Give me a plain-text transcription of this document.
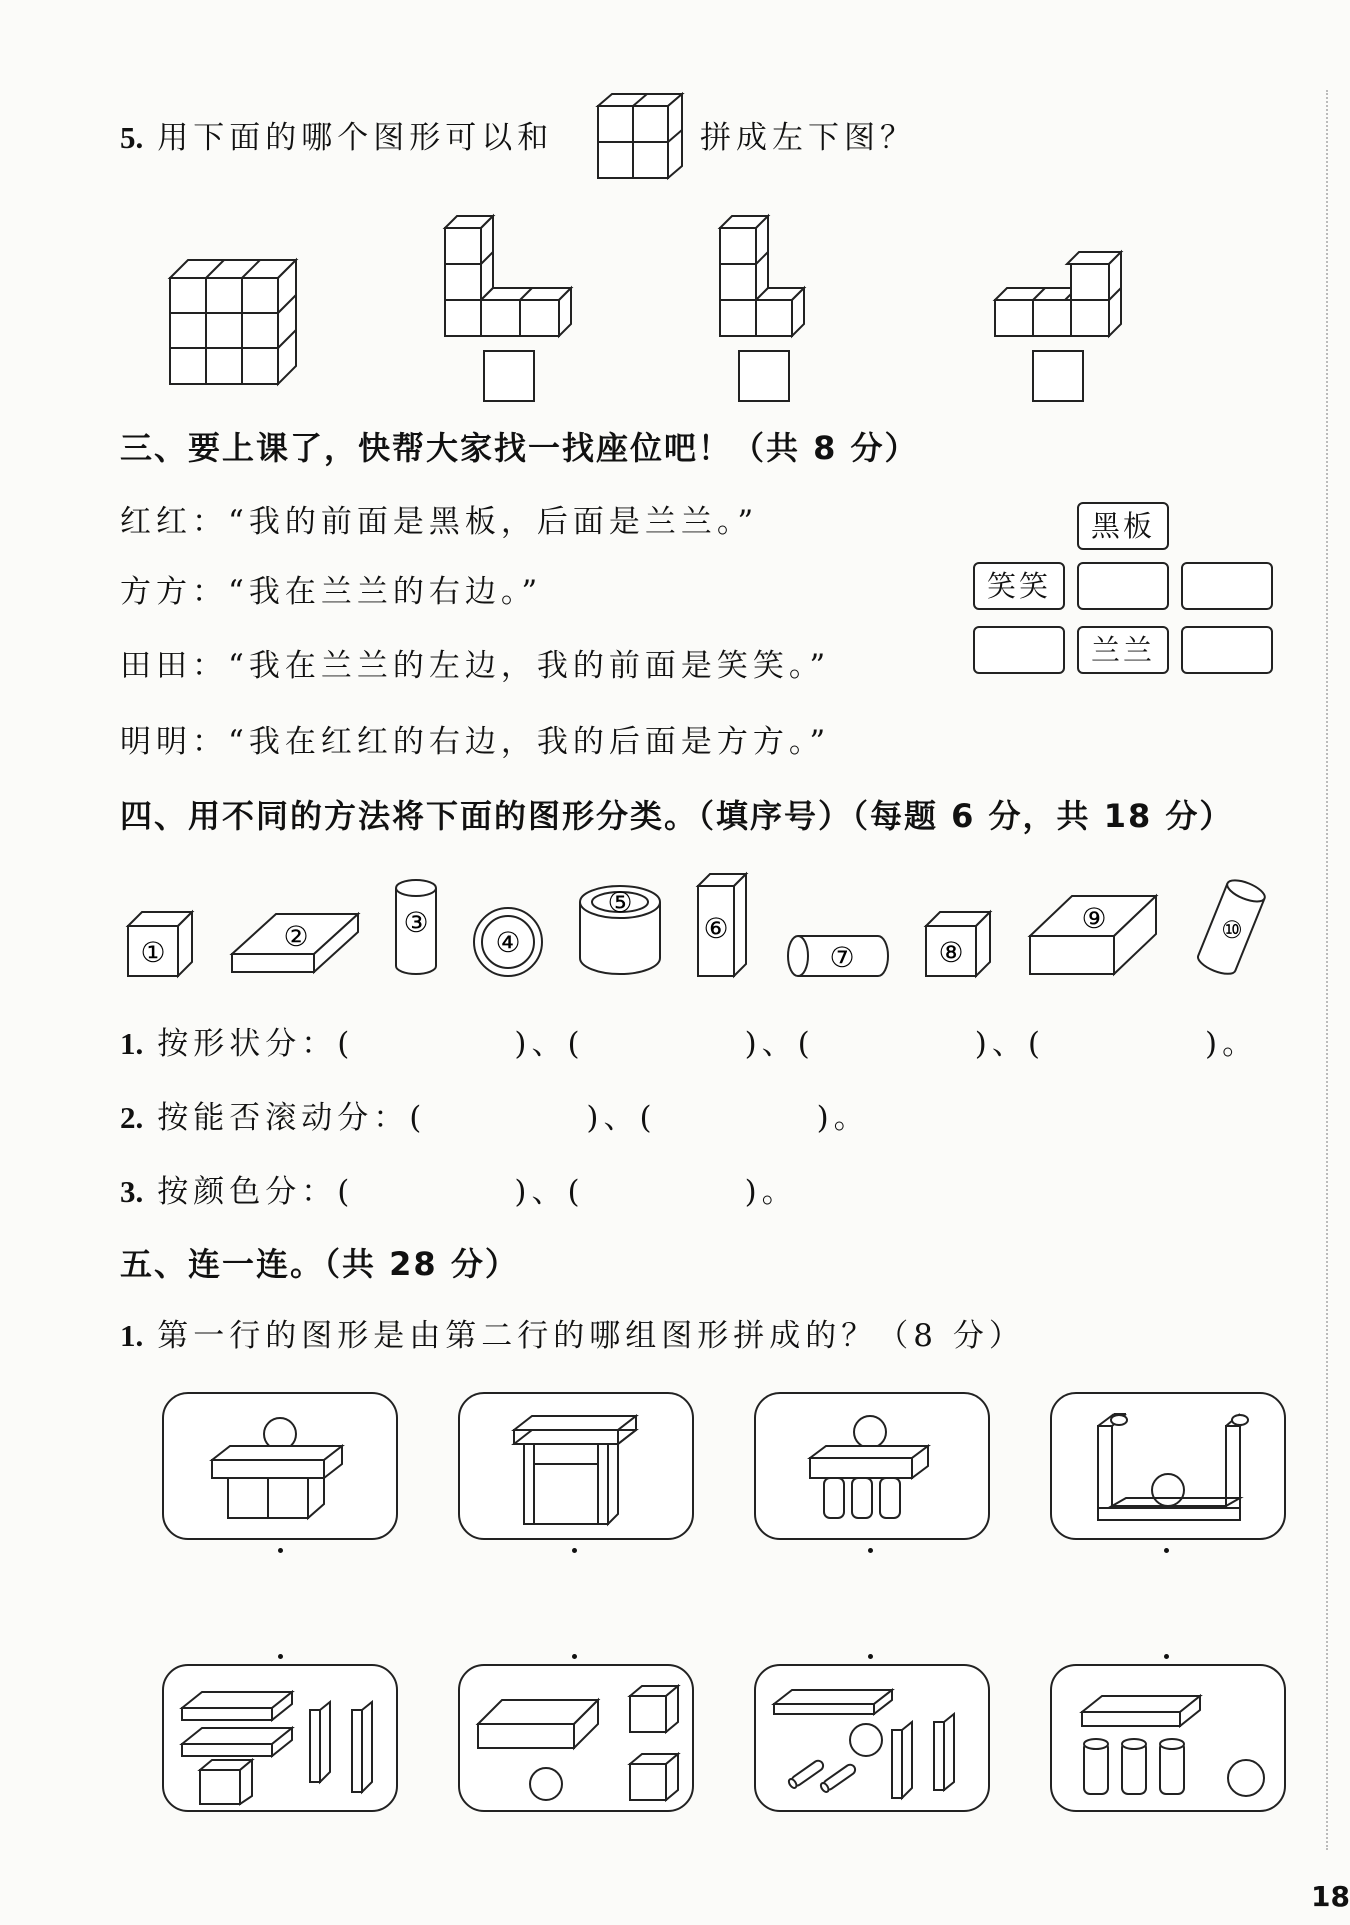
5. 用下面的哪个图形可以和	拼成左下图？
三、要上课了，快帮大家找一找座位吧！（共 8 分）
红红：“我的前面是黑板，后面是兰兰。”
方方：“我在兰兰的右边。”
田田：“我在兰兰的左边，我的前面是笑笑。”
明明：“我在红红的右边，我的后面是方方。”
黑板
笑笑
兰兰
四、用不同的方法将下面的图形分类。（填序号）（每题 6 分，共 18 分）
①	②	③
④
⑤
⑥
⑦	⑧
⑨	⑩
1. 按形状分：(	)、(	)、(	)、(	)。
2. 按能否滚动分：(	)、(	)。
3. 按颜色分：(	)、(	)。
五、连一连。（共 28 分）
1. 第一行的图形是由第二行的哪组图形拼成的？（8 分）
18
